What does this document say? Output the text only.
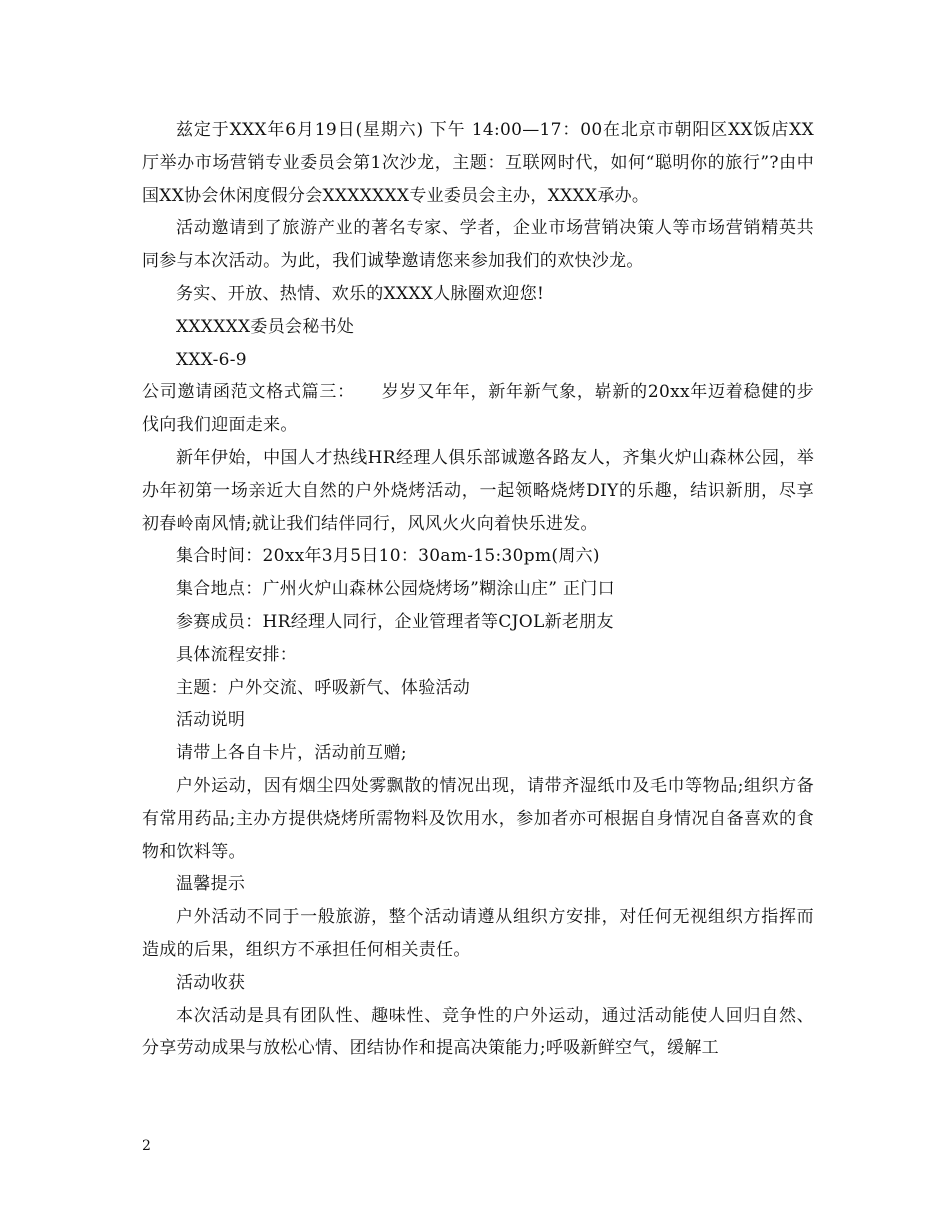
兹定于XXX年6月19日(星期六) 下午 14:00—17：00在北京市朝阳区XX饭店XX厅举办市场营销专业委员会第1次沙龙，主题：互联网时代，如何“聪明你的旅行”?由中国XX协会休闲度假分会XXXXXXX专业委员会主办，XXXX承办。

活动邀请到了旅游产业的著名专家、学者，企业市场营销决策人等市场营销精英共同参与本次活动。为此，我们诚挚邀请您来参加我们的欢快沙龙。

务实、开放、热情、欢乐的XXXX人脉圈欢迎您!

XXXXXX委员会秘书处

XXX-6-9

公司邀请函范文格式篇三：　　岁岁又年年，新年新气象，崭新的20xx年迈着稳健的步伐向我们迎面走来。

新年伊始，中国人才热线HR经理人俱乐部诚邀各路友人，齐集火炉山森林公园，举办年初第一场亲近大自然的户外烧烤活动，一起领略烧烤DIY的乐趣，结识新朋，尽享初春岭南风情;就让我们结伴同行，风风火火向着快乐进发。

集合时间：20xx年3月5日10：30am-15:30pm(周六)

集合地点：广州火炉山森林公园烧烤场”糊涂山庄” 正门口

参赛成员：HR经理人同行，企业管理者等CJOL新老朋友

具体流程安排：

主题：户外交流、呼吸新气、体验活动

活动说明

请带上各自卡片，活动前互赠;

户外运动，因有烟尘四处雾飘散的情况出现，请带齐湿纸巾及毛巾等物品;组织方备有常用药品;主办方提供烧烤所需物料及饮用水，参加者亦可根据自身情况自备喜欢的食物和饮料等。

温馨提示

户外活动不同于一般旅游，整个活动请遵从组织方安排，对任何无视组织方指挥而造成的后果，组织方不承担任何相关责任。

活动收获

本次活动是具有团队性、趣味性、竞争性的户外运动，通过活动能使人回归自然、分享劳动成果与放松心情、团结协作和提高决策能力;呼吸新鲜空气，缓解工

2
